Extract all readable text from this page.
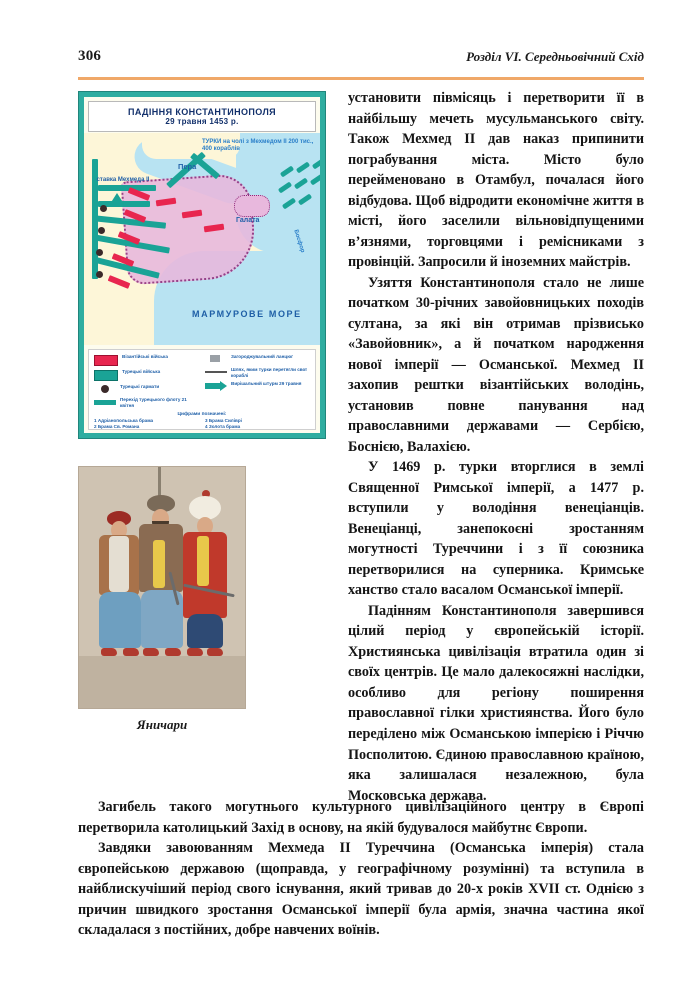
306	Розділ VI. Середньовічний Схід
ПАДІННЯ КОНСТАНТИНОПОЛЯ
29 травня 1453 р.
ТУРКИ на чолі з Мехмедом II 200 тис., 400 кораблів
Пера
Галата
ставка Мехмеда II
Босфор
МАРМУРОВЕ МОРЕ
Візантійські війська
Турецькі війська
Турецькі гармати
Перехід турецького флоту 21 квітня
Загороджувальний ланцюг
Шлях, яким турки перетягли свої кораблі
Вирішальний штурм 29 травня
Цифрами позначені:
1 Адріанопольська брама
2 Брама Св. Романа
3 Брама Силіврі
4 Золота брама
Яничари

установити півмісяць і перетворити її в найбільшу мечеть мусульманського світу. Також Мехмед II дав наказ припинити пограбування міста. Місто було перейменовано в Отамбул, почалася його відбудова. Щоб відродити економічне життя в місті, його заселили вільновідпущеними в’язнями, торговцями і ремісниками з провінцій. Запросили й іноземних майстрів.

Узяття Константинополя стало не лише початком 30-річних завойовницьких походів султана, за які він отримав прізвисько «Завойовник», а й початком народження нової імперії — Османської. Мехмед II захопив рештки візантійських володінь, установив повне панування над православними державами — Сербією, Боснією, Валахією.

У 1469 р. турки вторглися в землі Священної Римської імперії, а 1477 р. вступили у володіння венеціанців. Венеціанці, занепокоєні зростанням могутності Туреччини і з її союзника перетворилися на суперника. Кримське ханство стало васалом Османської імперії.

Падінням Константинополя завершився цілий період у європейській історії. Християнська цивілізація втратила один зі своїх центрів. Це мало далекосяжні наслідки, особливо для регіону поширення православної гілки християнства. Його було переділено між Османською імперією і Річчю Посполитою. Єдиною православною країною, яка залишалася незалежною, була Московська держава.

Загибель такого могутнього культурного цивілізаційного центру в Європі перетворила католицький Захід в основу, на якій будувалося майбутнє Європи.

Завдяки завоюванням Мехмеда II Туреччина (Османська імперія) стала європейською державою (щоправда, у географічному розумінні) та вступила в найблискучіший період свого існування, який тривав до 20-х років XVII ст. Однією з причин швидкого зростання Османської імперії була армія, значна частина якої складалася з постійних, добре навчених воїнів.
